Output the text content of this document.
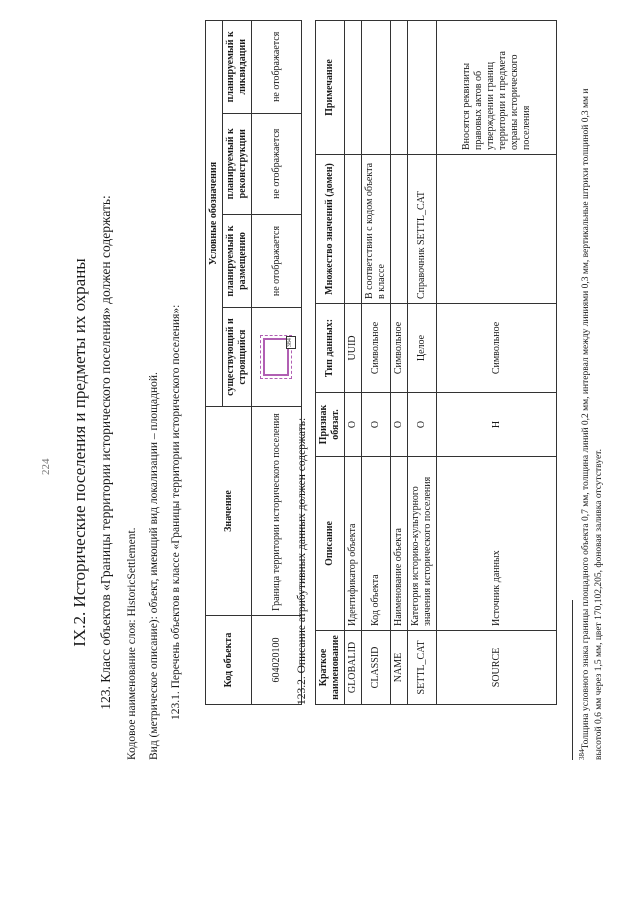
224 IX.2. Исторические поселения и предметы их охраны 123. Класс объектов «Границы территории исторического поселения» должен содержать: Кодовое наименование слоя: HistoricSettlement. Вид (метрическое описание): объект, имеющий вид локализации – площадной. 123.1. Перечень объектов в классе «Границы территории исторического поселения»:	Код объекта	Значение	Условные обозначения			
		существующий и строящийся	планируемый к размещению	планируемый к реконструкции	планируемый к ликвидации
604020100	Граница территории исторического поселения	384	не отображается	не отображается	не отображается
123.2. Описание атрибутивных данных должен содержать: Краткое наименование	Описание	Признак обязат.	Тип данных:	Множество значений (домен)	Примечание
GLOBALID	Идентификатор объекта	О	UUID		
CLASSID	Код объекта	О	Символьное	В соответствии с кодом объекта в классе	
NAME	Наименование объекта	О	Символьное		
SETTL_CAT	Категория историко-культурного значения исторического поселения	О	Целое	Справочник SETTL_CAT	
SOURCE	Источник данных	Н	Символьное		Вносятся реквизиты правовых актов об утверждении границ территории и предмета охраны исторического поселения
$^{384}$Толщина условного знака границы площадного объекта 0,7 мм, толщина линий 0,2 мм, интервал между линиями 0,3 мм, вертикальные штрихи толщиной 0,3 мм и высотой 0,6 мм через 1,5 мм, цвет 170,102,205, фоновая заливка отсутствует.
